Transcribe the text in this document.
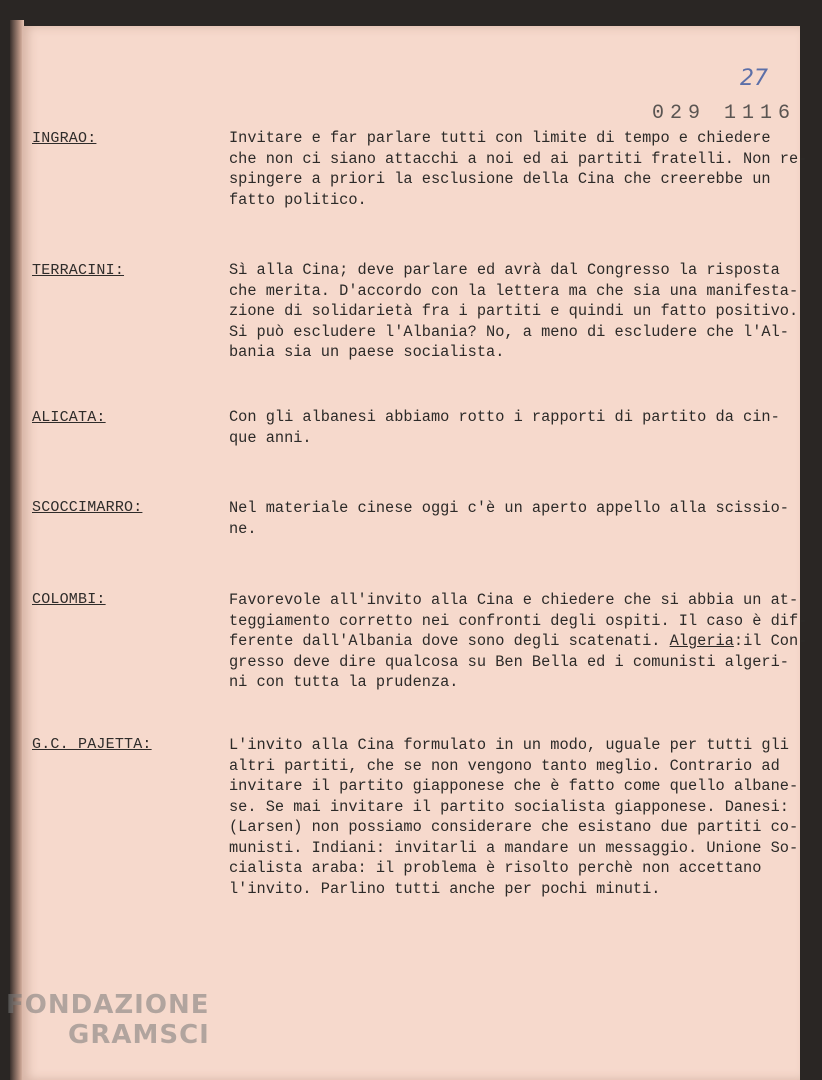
27
029 1116
INGRAO:	Invitare e far parlare tutti con limite di tempo e chiedere
che non ci siano attacchi a noi ed ai partiti fratelli. Non re-
spingere a priori la esclusione della Cina che creerebbe un
fatto politico.
TERRACINI:	Sì alla Cina; deve parlare ed avrà dal Congresso la risposta
che merita. D'accordo con la lettera ma che sia una manifesta-
zione di solidarietà fra i partiti e quindi un fatto positivo.
Si può escludere l'Albania? No, a meno di escludere che l'Al-
bania sia un paese socialista.
ALICATA:	Con gli albanesi abbiamo rotto i rapporti di partito da cin-
que anni.
SCOCCIMARRO:	Nel materiale cinese oggi c'è un aperto appello alla scissio-
ne.
COLOMBI:	Favorevole all'invito alla Cina e chiedere che si abbia un at-
teggiamento corretto nei confronti degli ospiti. Il caso è dif-
ferente dall'Albania dove sono degli scatenati. Algeria:il Con-
gresso deve dire qualcosa su Ben Bella ed i comunisti algeri-
ni con tutta la prudenza.
G.C. PAJETTA:	L'invito alla Cina formulato in un modo, uguale per tutti gli
altri partiti, che se non vengono tanto meglio. Contrario ad
invitare il partito giapponese che è fatto come quello albane-
se. Se mai invitare il partito socialista giapponese. Danesi:
(Larsen) non possiamo considerare che esistano due partiti co-
munisti. Indiani: invitarli a mandare un messaggio. Unione So-
cialista araba: il problema è risolto perchè non accettano
l'invito. Parlino tutti anche per pochi minuti.
FONDAZIONE
GRAMSCI
